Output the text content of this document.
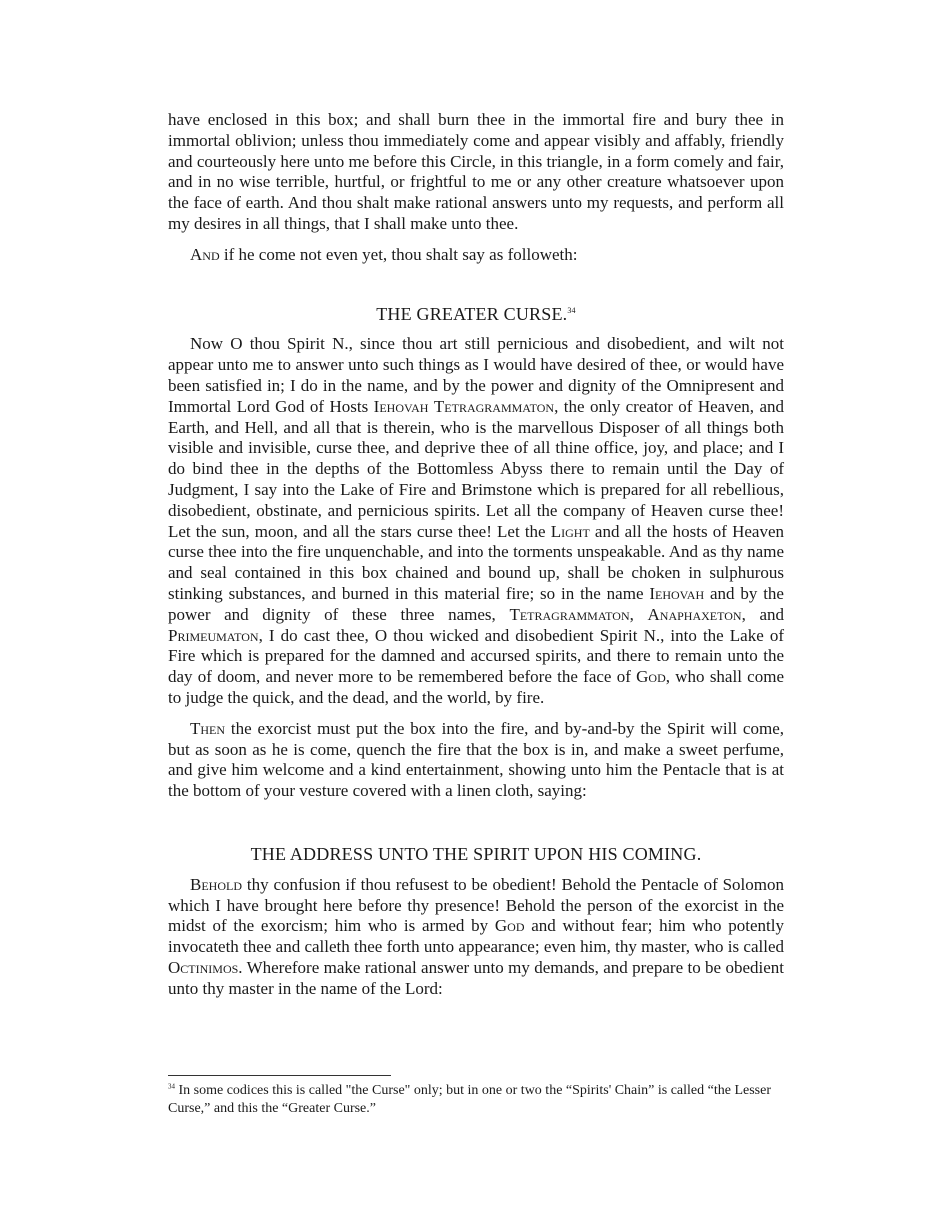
have enclosed in this box; and shall burn thee in the immortal fire and bury thee in immortal oblivion; unless thou immediately come and appear visibly and affably, friendly and courteously here unto me before this Circle, in this triangle, in a form comely and fair, and in no wise terrible, hurtful, or frightful to me or any other creature whatsoever upon the face of earth. And thou shalt make rational answers unto my requests, and perform all my desires in all things, that I shall make unto thee.

And if he come not even yet, thou shalt say as followeth:

THE GREATER CURSE.$^{34}$

Now O thou Spirit N., since thou art still pernicious and disobedient, and wilt not appear unto me to answer unto such things as I would have desired of thee, or would have been satisfied in; I do in the name, and by the power and dignity of the Omnipresent and Immortal Lord God of Hosts Iehovah Tetragrammaton, the only creator of Heaven, and Earth, and Hell, and all that is therein, who is the marvellous Disposer of all things both visible and invisible, curse thee, and deprive thee of all thine office, joy, and place; and I do bind thee in the depths of the Bottomless Abyss there to remain until the Day of Judgment, I say into the Lake of Fire and Brimstone which is prepared for all rebellious, disobedient, obstinate, and pernicious spirits. Let all the company of Heaven curse thee! Let the sun, moon, and all the stars curse thee! Let the Light and all the hosts of Heaven curse thee into the fire unquenchable, and into the torments unspeakable. And as thy name and seal contained in this box chained and bound up, shall be choken in sulphurous stinking substances, and burned in this material fire; so in the name Iehovah and by the power and dignity of these three names, Tetragrammaton, Anaphaxeton, and Primeumaton, I do cast thee, O thou wicked and disobedient Spirit N., into the Lake of Fire which is prepared for the damned and accursed spirits, and there to remain unto the day of doom, and never more to be remembered before the face of God, who shall come to judge the quick, and the dead, and the world, by fire.

Then the exorcist must put the box into the fire, and by-and-by the Spirit will come, but as soon as he is come, quench the fire that the box is in, and make a sweet perfume, and give him welcome and a kind entertainment, showing unto him the Pentacle that is at the bottom of your vesture covered with a linen cloth, saying:

THE ADDRESS UNTO THE SPIRIT UPON HIS COMING.

Behold thy confusion if thou refusest to be obedient! Behold the Pentacle of Solomon which I have brought here before thy presence! Behold the person of the exorcist in the midst of the exorcism; him who is armed by God and without fear; him who potently invocateth thee and calleth thee forth unto appearance; even him, thy master, who is called Octinimos. Wherefore make rational answer unto my demands, and prepare to be obedient unto thy master in the name of the Lord:

$^{34}$ In some codices this is called "the Curse" only; but in one or two the “Spirits' Chain” is called “the Lesser Curse,” and this the “Greater Curse.”
